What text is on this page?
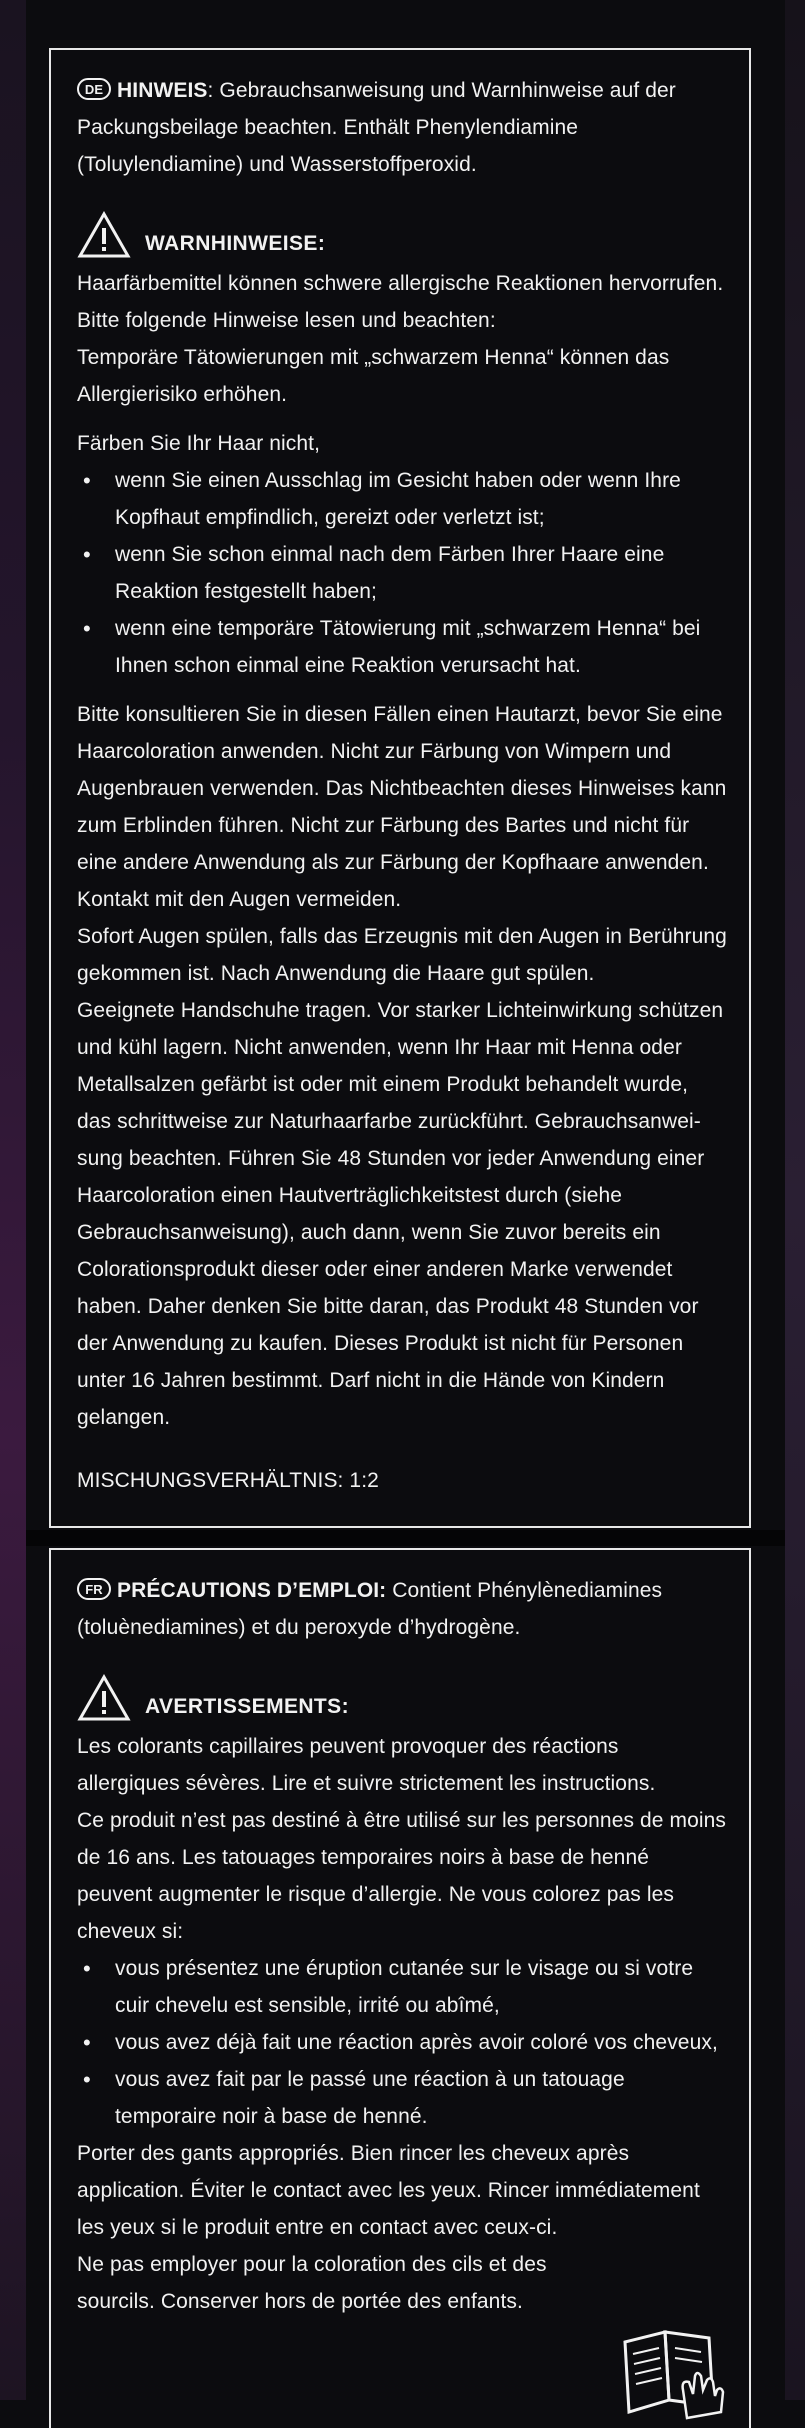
DE HINWEIS: Gebrauchsanweisung und Warnhinweise auf der Packungsbeilage beachten. Enthält Phenylendiamine (Toluylendiamine) und Wasserstoffperoxid.

WARNHINWEISE :

Haarfärbemittel können schwere allergische Reaktionen hervorrufen.

Bitte folgende Hinweise lesen und beachten:

Temporäre Tätowierungen mit „schwarzem Henna“ können das Allergierisiko erhöhen.

Färben Sie Ihr Haar nicht,

• wenn Sie einen Ausschlag im Gesicht haben oder wenn Ihre Kopfhaut empfindlich, gereizt oder verletzt ist;
• wenn Sie schon einmal nach dem Färben Ihrer Haare eine Reaktion festgestellt haben;
• wenn eine temporäre Tätowierung mit „schwarzem Henna“ bei Ihnen schon einmal eine Reaktion verursacht hat.

Bitte konsultieren Sie in diesen Fällen einen Hautarzt, bevor Sie eine Haarcoloration anwenden. Nicht zur Färbung von Wimpern und Augenbrauen verwenden. Das Nichtbeachten dieses Hinweises kann zum Erblinden führen. Nicht zur Färbung des Bartes und nicht für eine andere Anwendung als zur Färbung der Kopfhaare anwenden. Kontakt mit den Augen vermeiden.

Sofort Augen spülen, falls das Erzeugnis mit den Augen in Berührung gekommen ist. Nach Anwendung die Haare gut spülen.

Geeignete Handschuhe tragen. Vor starker Lichteinwirkung schützen und kühl lagern. Nicht anwenden, wenn Ihr Haar mit Henna oder Metallsalzen gefärbt ist oder mit einem Produkt behandelt wurde, das schrittweise zur Naturhaarfarbe zurückführt. Gebrauchsanwei-sung beachten. Führen Sie 48 Stunden vor jeder Anwendung einer Haarcoloration einen Hautverträglichkeitstest durch (siehe Gebrauchsanweisung), auch dann, wenn Sie zuvor bereits ein Colorationsprodukt dieser oder einer anderen Marke verwendet haben. Daher denken Sie bitte daran, das Produkt 48 Stunden vor der Anwendung zu kaufen. Dieses Produkt ist nicht für Personen unter 16 Jahren bestimmt. Darf nicht in die Hände von Kindern gelangen.

MISCHUNGSVERHÄLTNIS: 1:2

FR PRÉCAUTIONS D’EMPLOI: Contient Phénylènediamines (toluènediamines) et du peroxyde d’hydrogène.

AVERTISSEMENTS :

Les colorants capillaires peuvent provoquer des réactions allergiques sévères. Lire et suivre strictement les instructions.

Ce produit n’est pas destiné à être utilisé sur les personnes de moins de 16 ans. Les tatouages temporaires noirs à base de henné peuvent augmenter le risque d’allergie. Ne vous colorez pas les cheveux si:

• vous présentez une éruption cutanée sur le visage ou si votre cuir chevelu est sensible, irrité ou abîmé,
• vous avez déjà fait une réaction après avoir coloré vos cheveux,
• vous avez fait par le passé une réaction à un tatouage temporaire noir à base de henné.

Porter des gants appropriés. Bien rincer les cheveux après application. Éviter le contact avec les yeux. Rincer immédiatement les yeux si le produit entre en contact avec ceux-ci.

Ne pas employer pour la coloration des cils et des sourcils. Conserver hors de portée des enfants.
